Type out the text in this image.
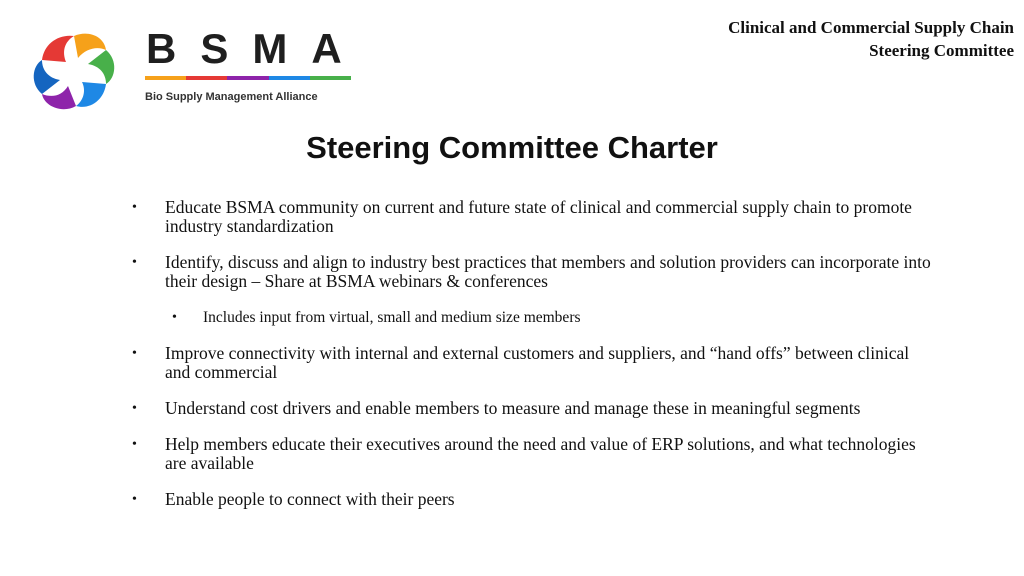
BSMA
Bio Supply Management Alliance
Clinical and Commercial Supply Chain
Steering Committee
Steering Committee Charter
•	Educate BSMA community on current and future state of clinical and commercial supply chain to promote industry standardization
•	Identify, discuss and align to industry best practices that members and solution providers can incorporate into their design – Share at BSMA webinars & conferences
•	Includes input from virtual, small and medium size members
•	Improve connectivity with internal and external customers and suppliers, and “hand offs” between clinical and commercial
•	Understand cost drivers and enable members to measure and manage these in meaningful segments
•	Help members educate their executives around the need and value of ERP solutions, and what technologies are available
•	Enable people to connect with their peers
